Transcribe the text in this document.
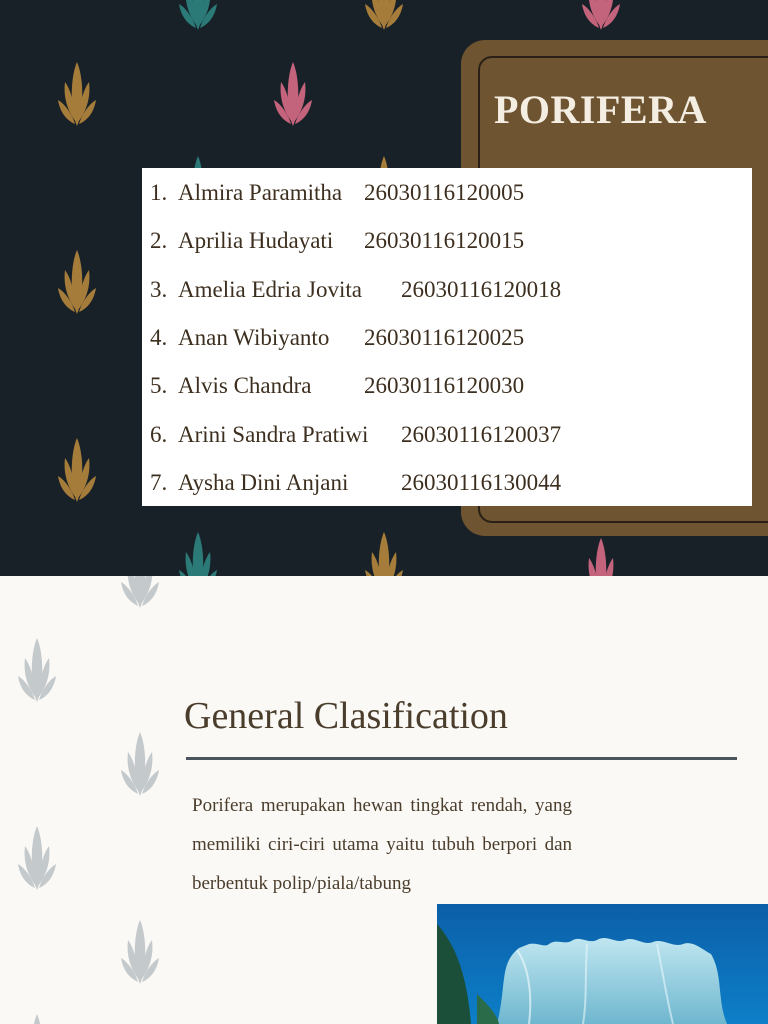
PORIFERA
1. Almira Paramitha 26030116120005
2. Aprilia Hudayati 26030116120015
3. Amelia Edria Jovita 26030116120018
4. Anan Wibiyanto 26030116120025
5. Alvis Chandra 26030116120030
6. Arini Sandra Pratiwi 26030116120037
7. Aysha Dini Anjani 26030116130044
General Clasification

Porifera merupakan hewan tingkat rendah, yang memiliki ciri-ciri utama yaitu tubuh berpori dan berbentuk polip/piala/tabung
